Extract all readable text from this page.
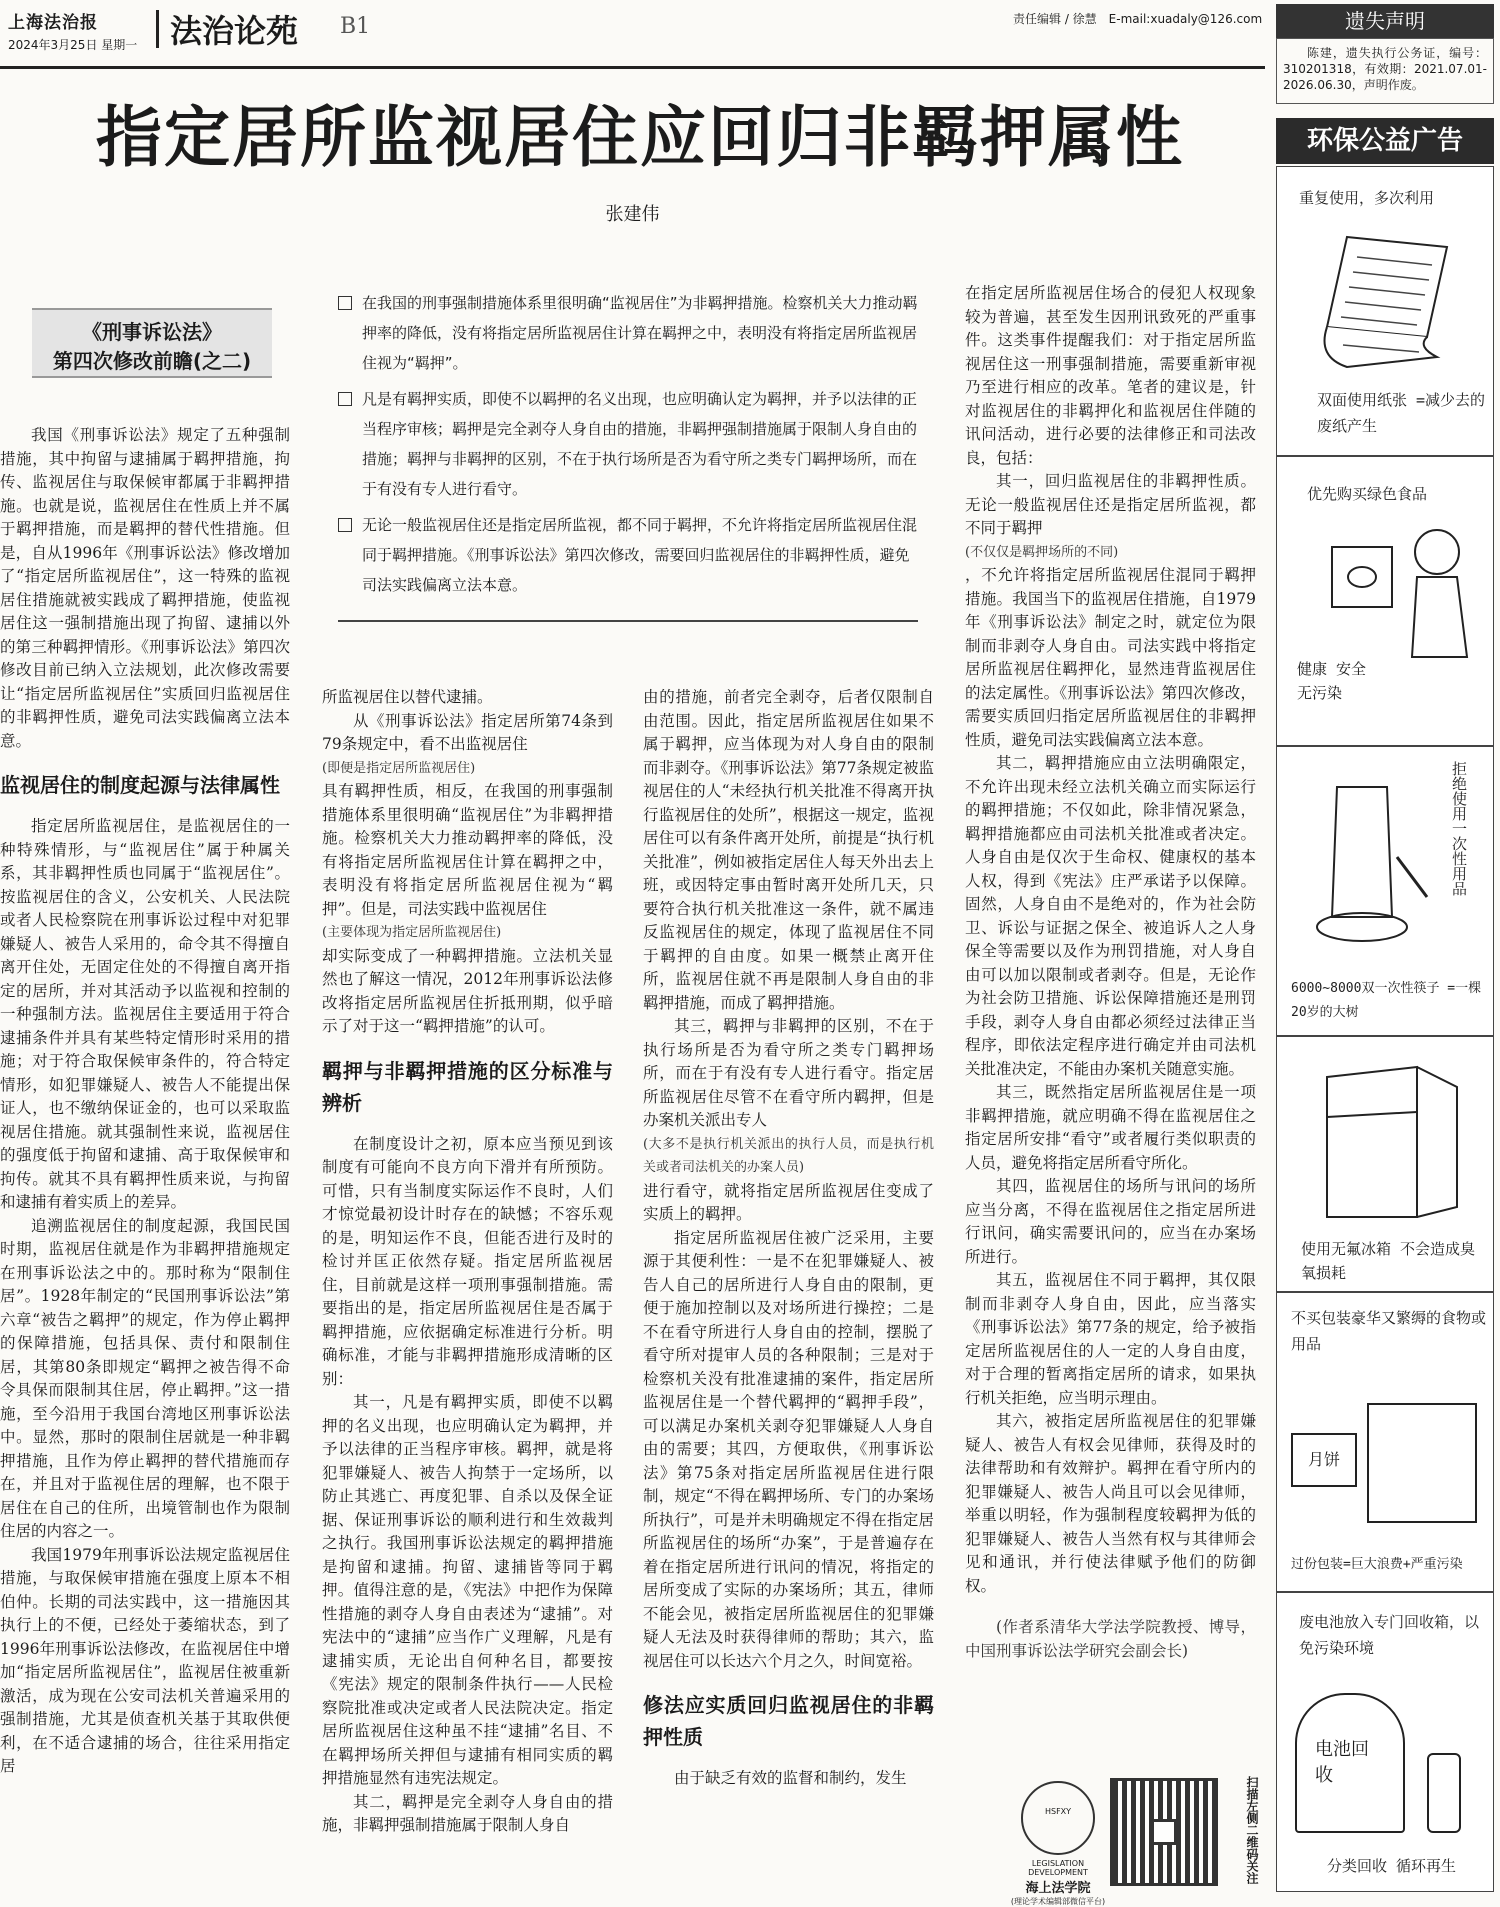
上海法治报
2024年3月25日 星期一 法治论苑 B1	责任编辑 / 徐慧　E-mail:xuadaly@126.com
指定居所监视居住应回归非羁押属性
张建伟
《刑事诉讼法》
第四次修改前瞻(之二)
在我国的刑事强制措施体系里很明确“监视居住”为非羁押措施。检察机关大力推动羁押率的降低，没有将指定居所监视居住计算在羁押之中，表明没有将指定居所监视居住视为“羁押”。
凡是有羁押实质，即使不以羁押的名义出现，也应明确认定为羁押，并予以法律的正当程序审核；羁押是完全剥夺人身自由的措施，非羁押强制措施属于限制人身自由的措施；羁押与非羁押的区别，不在于执行场所是否为看守所之类专门羁押场所，而在于有没有专人进行看守。
无论一般监视居住还是指定居所监视，都不同于羁押，不允许将指定居所监视居住混同于羁押措施。《刑事诉讼法》第四次修改，需要回归监视居住的非羁押性质，避免司法实践偏离立法本意。

我国《刑事诉讼法》规定了五种强制措施，其中拘留与逮捕属于羁押措施，拘传、监视居住与取保候审都属于非羁押措施。也就是说，监视居住在性质上并不属于羁押措施，而是羁押的替代性措施。但是，自从1996年《刑事诉讼法》修改增加了“指定居所监视居住”，这一特殊的监视居住措施就被实践成了羁押措施，使监视居住这一强制措施出现了拘留、逮捕以外的第三种羁押情形。《刑事诉讼法》第四次修改目前已纳入立法规划，此次修改需要让“指定居所监视居住”实质回归监视居住的非羁押性质，避免司法实践偏离立法本意。

监视居住的制度起源与法律属性

指定居所监视居住，是监视居住的一种特殊情形，与“监视居住”属于种属关系，其非羁押性质也同属于“监视居住”。按监视居住的含义，公安机关、人民法院或者人民检察院在刑事诉讼过程中对犯罪嫌疑人、被告人采用的，命令其不得擅自离开住处，无固定住处的不得擅自离开指定的居所，并对其活动予以监视和控制的一种强制方法。监视居住主要适用于符合逮捕条件并具有某些特定情形时采用的措施；对于符合取保候审条件的，符合特定情形，如犯罪嫌疑人、被告人不能提出保证人，也不缴纳保证金的，也可以采取监视居住措施。就其强制性来说，监视居住的强度低于拘留和逮捕、高于取保候审和拘传。就其不具有羁押性质来说，与拘留和逮捕有着实质上的差异。

追溯监视居住的制度起源，我国民国时期，监视居住就是作为非羁押措施规定在刑事诉讼法之中的。那时称为“限制住居”。1928年制定的“民国刑事诉讼法”第六章“被告之羁押”的规定，作为停止羁押的保障措施，包括具保、责付和限制住居，其第80条即规定“羁押之被告得不命令具保而限制其住居，停止羁押。”这一措施，至今沿用于我国台湾地区刑事诉讼法中。显然，那时的限制住居就是一种非羁押措施，且作为停止羁押的替代措施而存在，并且对于监视住居的理解，也不限于居住在自己的住所，出境管制也作为限制住居的内容之一。

我国1979年刑事诉讼法规定监视居住措施，与取保候审措施在强度上原本不相伯仲。长期的司法实践中，这一措施因其执行上的不便，已经处于萎缩状态，到了1996年刑事诉讼法修改，在监视居住中增加“指定居所监视居住”，监视居住被重新激活，成为现在公安司法机关普遍采用的强制措施，尤其是侦查机关基于其取供便利，在不适合逮捕的场合，往往采用指定居

所监视居住以替代逮捕。

从《刑事诉讼法》指定居所第74条到79条规定中，看不出监视居住

(即便是指定居所监视居住)

具有羁押性质，相反，在我国的刑事强制措施体系里很明确“监视居住”为非羁押措施。检察机关大力推动羁押率的降低，没有将指定居所监视居住计算在羁押之中，表明没有将指定居所监视居住视为“羁押”。但是，司法实践中监视居住

(主要体现为指定居所监视居住)

却实际变成了一种羁押措施。立法机关显然也了解这一情况，2012年刑事诉讼法修改将指定居所监视居住折抵刑期，似乎暗示了对于这一“羁押措施”的认可。

羁押与非羁押措施的区分标准与辨析

在制度设计之初，原本应当预见到该制度有可能向不良方向下滑并有所预防。可惜，只有当制度实际运作不良时，人们才惊觉最初设计时存在的缺憾；不容乐观的是，明知运作不良，但能否进行及时的检讨并匡正依然存疑。指定居所监视居住，目前就是这样一项刑事强制措施。需要指出的是，指定居所监视居住是否属于羁押措施，应依据确定标准进行分析。明确标准，才能与非羁押措施形成清晰的区别：

其一，凡是有羁押实质，即使不以羁押的名义出现，也应明确认定为羁押，并予以法律的正当程序审核。羁押，就是将犯罪嫌疑人、被告人拘禁于一定场所，以防止其逃亡、再度犯罪、自杀以及保全证据、保证刑事诉讼的顺利进行和生效裁判之执行。我国刑事诉讼法规定的羁押措施是拘留和逮捕。拘留、逮捕皆等同于羁押。值得注意的是，《宪法》中把作为保障性措施的剥夺人身自由表述为“逮捕”。对宪法中的“逮捕”应当作广义理解，凡是有逮捕实质，无论出自何种名目，都要按《宪法》规定的限制条件执行——人民检察院批准或决定或者人民法院决定。指定居所监视居住这种虽不挂“逮捕”名目、不在羁押场所关押但与逮捕有相同实质的羁押措施显然有违宪法规定。

其二，羁押是完全剥夺人身自由的措施，非羁押强制措施属于限制人身自

由的措施，前者完全剥夺，后者仅限制自由范围。因此，指定居所监视居住如果不属于羁押，应当体现为对人身自由的限制而非剥夺。《刑事诉讼法》第77条规定被监视居住的人“未经执行机关批准不得离开执行监视居住的处所”，根据这一规定，监视居住可以有条件离开处所，前提是“执行机关批准”，例如被指定居住人每天外出去上班，或因特定事由暂时离开处所几天，只要符合执行机关批准这一条件，就不属违反监视居住的规定，体现了监视居住不同于羁押的自由度。如果一概禁止离开住所，监视居住就不再是限制人身自由的非羁押措施，而成了羁押措施。

其三，羁押与非羁押的区别，不在于执行场所是否为看守所之类专门羁押场所，而在于有没有专人进行看守。指定居所监视居住尽管不在看守所内羁押，但是办案机关派出专人

(大多不是执行机关派出的执行人员，而是执行机关或者司法机关的办案人员)

进行看守，就将指定居所监视居住变成了实质上的羁押。

指定居所监视居住被广泛采用，主要源于其便利性：一是不在犯罪嫌疑人、被告人自己的居所进行人身自由的限制，更便于施加控制以及对场所进行操控；二是不在看守所进行人身自由的控制，摆脱了看守所对提审人员的各种限制；三是对于检察机关没有批准逮捕的案件，指定居所监视居住是一个替代羁押的“羁押手段”，可以满足办案机关剥夺犯罪嫌疑人人身自由的需要；其四，方便取供，《刑事诉讼法》第75条对指定居所监视居住进行限制，规定“不得在羁押场所、专门的办案场所执行”，可是并未明确规定不得在指定居所监视居住的场所“办案”，于是普遍存在着在指定居所进行讯问的情况，将指定的居所变成了实际的办案场所；其五，律师不能会见，被指定居所监视居住的犯罪嫌疑人无法及时获得律师的帮助；其六，监视居住可以长达六个月之久，时间宽裕。

修法应实质回归监视居住的非羁押性质

由于缺乏有效的监督和制约，发生

在指定居所监视居住场合的侵犯人权现象较为普遍，甚至发生因刑讯致死的严重事件。这类事件提醒我们：对于指定居所监视居住这一刑事强制措施，需要重新审视乃至进行相应的改革。笔者的建议是，针对监视居住的非羁押化和监视居住伴随的讯问活动，进行必要的法律修正和司法改良，包括：

其一，回归监视居住的非羁押性质。无论一般监视居住还是指定居所监视，都不同于羁押

(不仅仅是羁押场所的不同)

，不允许将指定居所监视居住混同于羁押措施。我国当下的监视居住措施，自1979年《刑事诉讼法》制定之时，就定位为限制而非剥夺人身自由。司法实践中将指定居所监视居住羁押化，显然违背监视居住的法定属性。《刑事诉讼法》第四次修改，需要实质回归指定居所监视居住的非羁押性质，避免司法实践偏离立法本意。

其二，羁押措施应由立法明确限定，不允许出现未经立法机关确立而实际运行的羁押措施；不仅如此，除非情况紧急，羁押措施都应由司法机关批准或者决定。人身自由是仅次于生命权、健康权的基本人权，得到《宪法》庄严承诺予以保障。固然，人身自由不是绝对的，作为社会防卫、诉讼与证据之保全、被追诉人之人身保全等需要以及作为刑罚措施，对人身自由可以加以限制或者剥夺。但是，无论作为社会防卫措施、诉讼保障措施还是刑罚手段，剥夺人身自由都必须经过法律正当程序，即依法定程序进行确定并由司法机关批准决定，不能由办案机关随意实施。

其三，既然指定居所监视居住是一项非羁押措施，就应明确不得在监视居住之指定居所安排“看守”或者履行类似职责的人员，避免将指定居所看守所化。

其四，监视居住的场所与讯问的场所应当分离，不得在监视居住之指定居所进行讯问，确实需要讯问的，应当在办案场所进行。

其五，监视居住不同于羁押，其仅限制而非剥夺人身自由，因此，应当落实《刑事诉讼法》第77条的规定，给予被指定居所监视居住的人一定的人身自由度，对于合理的暂离指定居所的请求，如果执行机关拒绝，应当明示理由。

其六，被指定居所监视居住的犯罪嫌疑人、被告人有权会见律师，获得及时的法律帮助和有效辩护。羁押在看守所内的犯罪嫌疑人、被告人尚且可以会见律师，举重以明轻，作为强制程度较羁押为低的犯罪嫌疑人、被告人当然有权与其律师会见和通讯，并行使法律赋予他们的防御权。

(作者系清华大学法学院教授、博导，中国刑事诉讼法学研究会副会长)

HSFXY
LEGISLATION DEVELOPMENT
海上法学院
(理论学术编辑部微信平台)
扫描左侧二维码关注
遗失声明
陈建，遗失执行公务证，编号：310201318，有效期：2021.07.01-2026.06.30，声明作废。
环保公益广告
重复使用，多次利用
双面使用纸张 =减少去的废纸产生
优先购买绿色食品
健康 安全 无污染
拒绝使用一次性用品
6000~8000双一次性筷子 =一棵 20岁的大树
使用无氟冰箱 不会造成臭氧损耗
不买包装豪华又繁缛的食物或用品
月饼
过份包装=巨大浪费+严重污染
废电池放入专门回收箱，以免污染环境
电池回收
分类回收 循环再生
